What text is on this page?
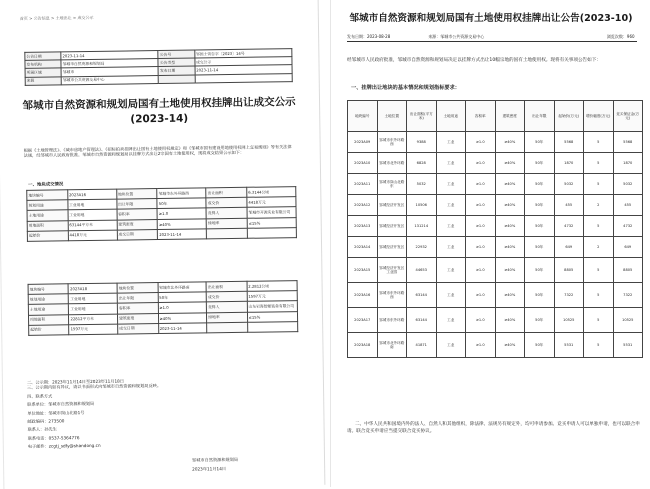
首页 > 公告信息 > 土地出让 > 成交公示
公告日期	2023-11-14	公告号	邹国土资告字〔2023〕14号
发布机构	邹城市自然资源和规划局	公告类型	成交公示
所属区域	邹城市	发布日期	2023-11-14
来源	邹城市公共资源交易中心		
邹城市自然资源和规划局国有土地使用权挂牌出让成交公示
(2023-14)
根据《土地管理法》、《城市房地产管理法》、《招标拍卖挂牌出让国有土地使用权规定》和《邹城市国有建设用地使用权网上交易规则》等有关法律法规，经邹城市人民政府批准，邹城市自然资源和规划局以挂牌方式出让2宗国有土地使用权，现将成交结果公示如下：
一、地块成交情况
地块编号	2023A16	地块位置	邹城市东外环路西	出让面积	6.3144公顷
规划用途	工业用地	出让年限	50年	成交价	4418万元
土地用途	工业用地	容积率	≥1.0	竞得人	邹城市开源实业有限公司
用地面积	63144平方米	建筑密度	≥40%	绿地率	≤15%
起始价	4418万元	成交日期	2023-11-14		
地块编号	2023A18	地块位置	邹城市北外环路南	出让面积	2.2812公顷
规划用途	工业用地	出让年限	50年	成交价	1597万元
土地用途	工业用地	容积率	≥1.0	竞得人	山东岩海智能装备有限公司
用地面积	22812平方米	建筑密度	≥40%	绿地率	≤15%
起始价	1597万元	成交日期	2023-11-14		

二、公示期：2023年11月14日至2023年11月18日

三、公示期内如有异议，请以书面形式向邹城市自然资源和规划局反映。

四、联系方式

联系单位：邹城市自然资源和规划局

单位地址：邹城市岗山北路1号

邮政编码：273500

联系人：孙先生

联系电话：0537-5364776

电子邮件：zcgtj_sdfy@shandong.cn

邹城市自然资源和规划局
2023年11月14日
邹城市自然资源和规划局国有土地使用权挂牌出让公告(2023-10)
发布日期：2023-08-28	来源：邹城市公共资源交易中心	浏览次数：960
经邹城市人民政府批准，邹城市自然资源和规划局决定以挂牌方式出让10幅宗地的国有土地使用权。现将有关事项公告如下：
一、挂牌出让地块的基本情况和规划指标要求：
地块编号	土地位置	出让面积(平方米)	土地用途	容积率	建筑密度	出让年限	起始价(万元)	增价幅度(万元)	竞买保证金(万元)
2023A09	邹城市东外环路西	9388	工业	≥1.0	≥40%	50年	5568	5	5568
2023A10	邹城市北外环路	6828	工业	≥1.0	≥40%	50年	1870	5	1870
2023A11	邹城市岗山北路东	5032	工业	≥1.0	≥40%	50年	5032	5	5032
2023A12	邹城经济开发区	10506	工业	≥1.0	≥40%	50年	455	2	455
2023A13	邹城经济开发区	131214	工业	≥1.0	≥40%	50年	4732	5	4732
2023A14	邹城经济开发区	22932	工业	≥1.0	≥40%	50年	649	2	649
2023A15	邹城经济开发区工业园	44653	工业	≥1.0	≥40%	50年	8805	5	8805
2023A16	邹城市东外环路西	63144	工业	≥1.0	≥40%	50年	7322	5	7322
2023A17	邹城市东外环路	63144	工业	≥1.0	≥40%	50年	10525	5	10525
2023A18	邹城市北外环路南	41871	工业	≥1.0	≥40%	50年	5531	5	5531

二、中华人民共和国境内外的法人、自然人和其他组织，除法律、法规另有规定外，均可申请参加。竞买申请人可以单独申请，也可以联合申请。联合竞买申请应当提交联合竞买协议。
